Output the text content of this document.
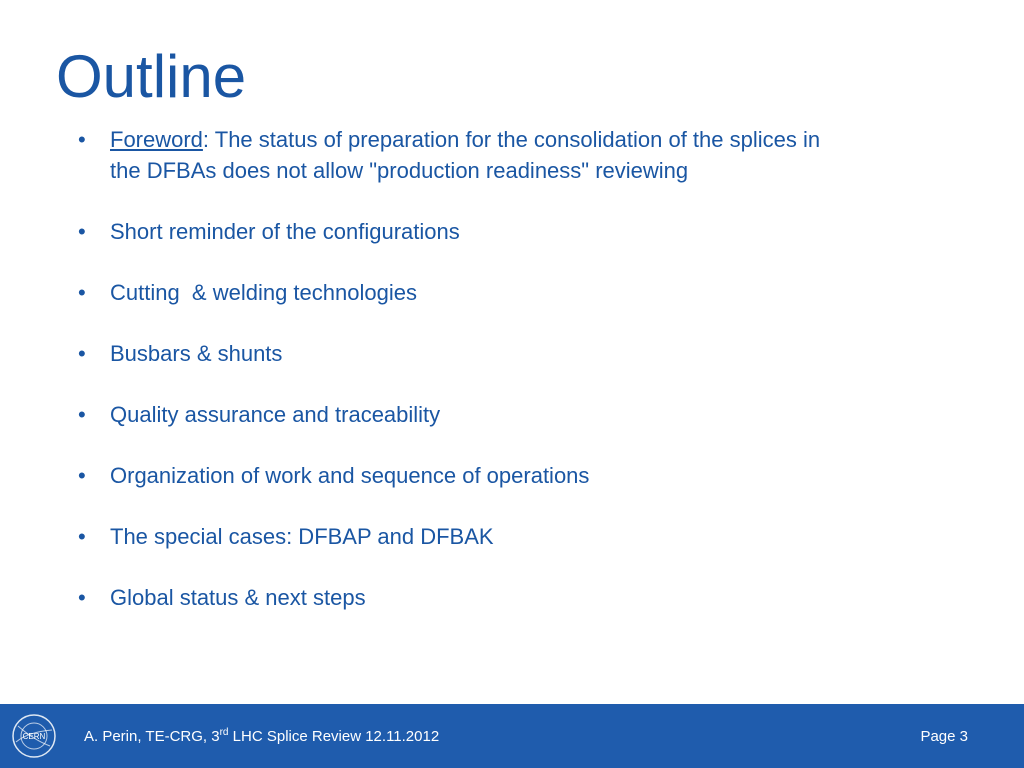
Outline
• Foreword: The status of preparation for the consolidation of the splices in the DFBAs does not allow "production readiness" reviewing
• Short reminder of the configurations
• Cutting  & welding technologies
• Busbars & shunts
• Quality assurance and traceability
• Organization of work and sequence of operations
• The special cases: DFBAP and DFBAK
• Global status & next steps
CERN	A. Perin, TE-CRG, 3rd LHC Splice Review 12.11.2012	Page 3
